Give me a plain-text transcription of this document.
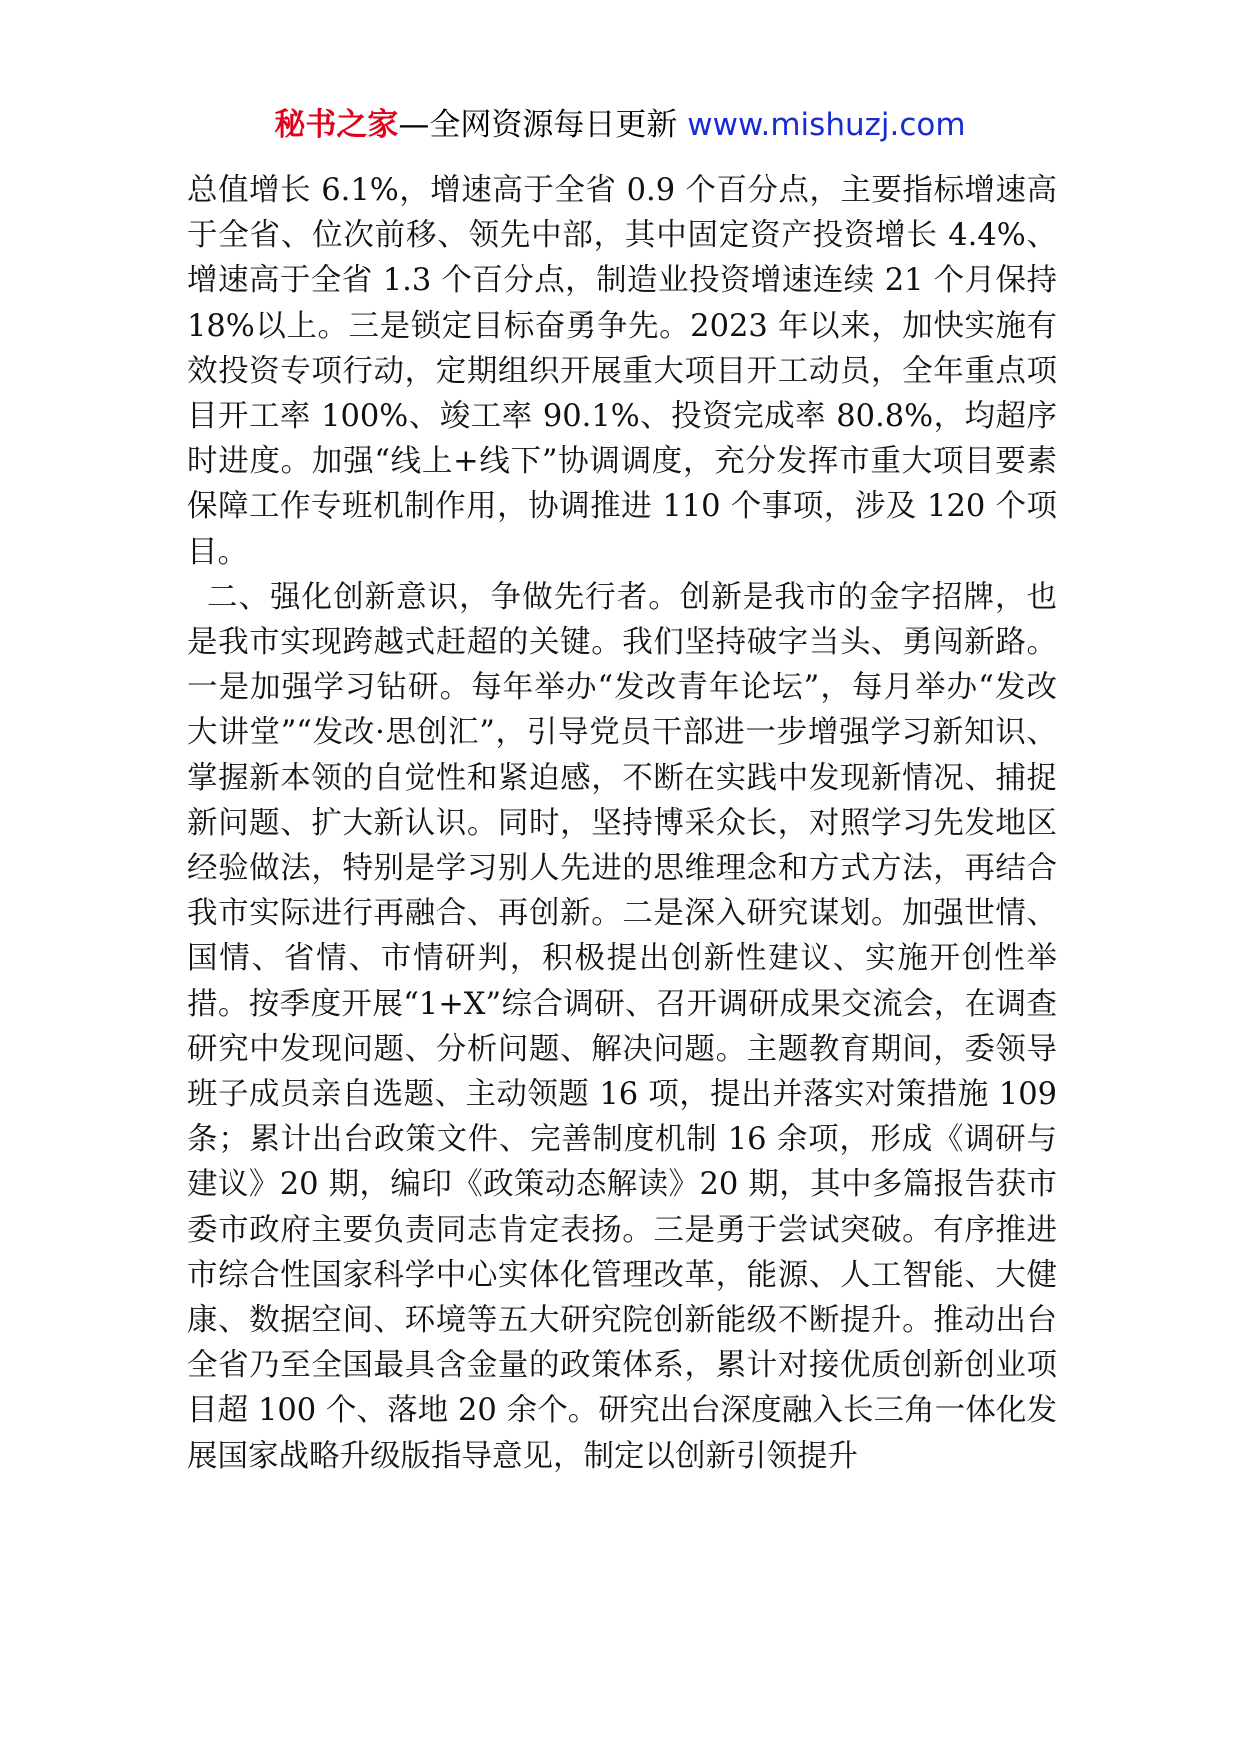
秘书之家—全网资源每日更新 www.mishuzj.com

总值增长 6.1%，增速高于全省 0.9 个百分点，主要指标增速高于全省、位次前移、领先中部，其中固定资产投资增长 4.4%、增速高于全省 1.3 个百分点，制造业投资增速连续 21 个月保持 18%以上。三是锁定目标奋勇争先。2023 年以来，加快实施有效投资专项行动，定期组织开展重大项目开工动员，全年重点项目开工率 100%、竣工率 90.1%、投资完成率 80.8%，均超序时进度。加强“线上+线下”协调调度，充分发挥市重大项目要素保障工作专班机制作用，协调推进 110 个事项，涉及 120 个项目。

二、强化创新意识，争做先行者。创新是我市的金字招牌，也是我市实现跨越式赶超的关键。我们坚持破字当头、勇闯新路。一是加强学习钻研。每年举办“发改青年论坛”，每月举办“发改大讲堂”“发改·思创汇”，引导党员干部进一步增强学习新知识、掌握新本领的自觉性和紧迫感，不断在实践中发现新情况、捕捉新问题、扩大新认识。同时，坚持博采众长，对照学习先发地区经验做法，特别是学习别人先进的思维理念和方式方法，再结合我市实际进行再融合、再创新。二是深入研究谋划。加强世情、国情、省情、市情研判，积极提出创新性建议、实施开创性举措。按季度开展“1+X”综合调研、召开调研成果交流会，在调查研究中发现问题、分析问题、解决问题。主题教育期间，委领导班子成员亲自选题、主动领题 16 项，提出并落实对策措施 109 条；累计出台政策文件、完善制度机制 16 余项，形成《调研与建议》20 期，编印《政策动态解读》20 期，其中多篇报告获市委市政府主要负责同志肯定表扬。三是勇于尝试突破。有序推进市综合性国家科学中心实体化管理改革，能源、人工智能、大健康、数据空间、环境等五大研究院创新能级不断提升。推动出台全省乃至全国最具含金量的政策体系，累计对接优质创新创业项目超 100 个、落地 20 余个。研究出台深度融入长三角一体化发展国家战略升级版指导意见，制定以创新引领提升
